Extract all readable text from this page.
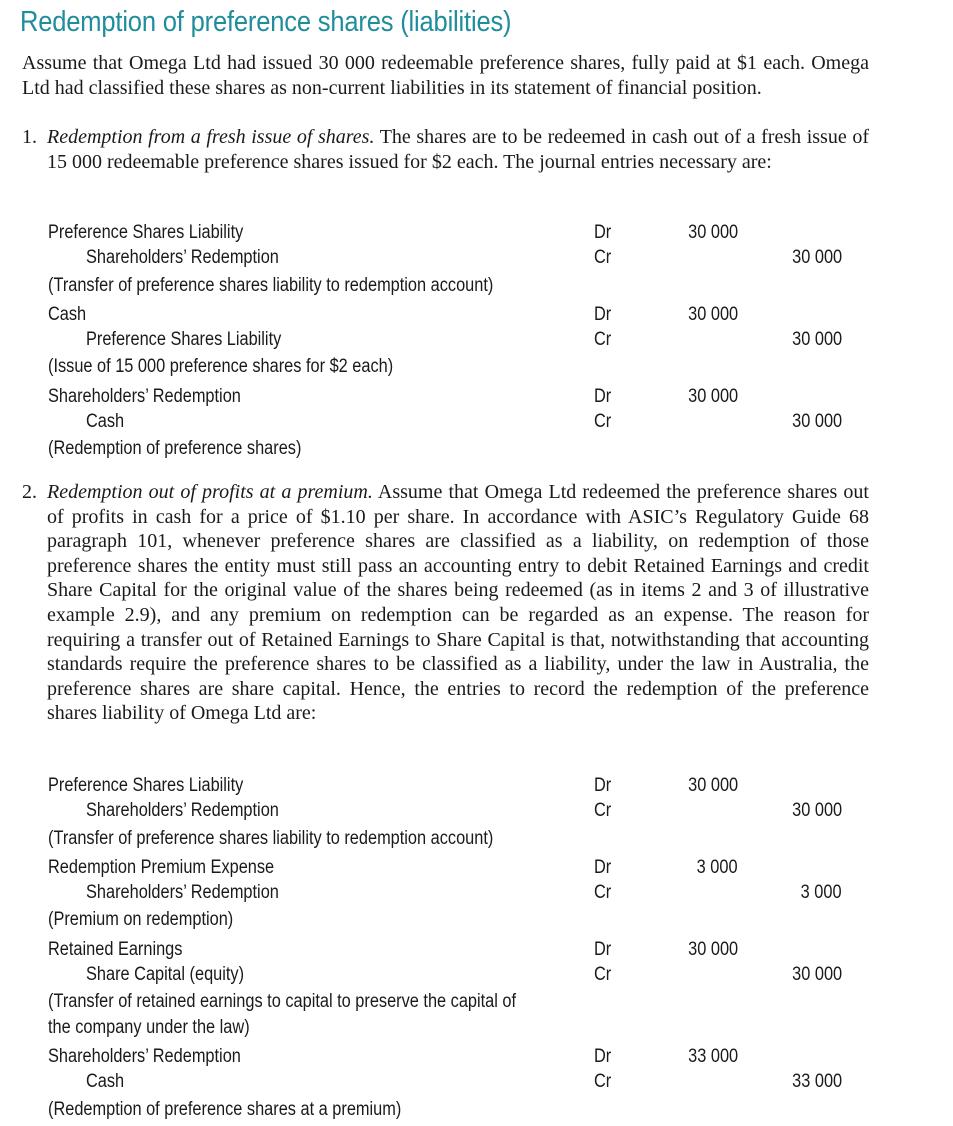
Redemption of preference shares (liabilities)
Assume that Omega Ltd had issued 30 000 redeemable preference shares, fully paid at $1 each. Omega Ltd had classified these shares as non-current liabilities in its statement of financial position.
1. Redemption from a fresh issue of shares. The shares are to be redeemed in cash out of a fresh issue of 15 000 redeemable preference shares issued for $2 each. The journal entries necessary are:
Preference Shares Liability	Dr	30 000
Shareholders’ Redemption	Cr	30 000
(Transfer of preference shares liability to redemption account)
Cash	Dr	30 000
Preference Shares Liability	Cr	30 000
(Issue of 15 000 preference shares for $2 each)
Shareholders’ Redemption	Dr	30 000
Cash	Cr	30 000
(Redemption of preference shares)
2. Redemption out of profits at a premium. Assume that Omega Ltd redeemed the preference shares out of profits in cash for a price of $1.10 per share. In accordance with ASIC’s Regulatory Guide 68 paragraph 101, whenever preference shares are classified as a liability, on redemption of those preference shares the entity must still pass an accounting entry to debit Retained Earnings and credit Share Capital for the original value of the shares being redeemed (as in items 2 and 3 of illustrative example 2.9), and any premium on redemption can be regarded as an expense. The reason for requiring a transfer out of Retained Earnings to Share Capital is that, notwithstanding that accounting standards require the preference shares to be classified as a liability, under the law in Australia, the preference shares are share capital. Hence, the entries to record the redemption of the preference shares liability of Omega Ltd are:
Preference Shares Liability	Dr	30 000
Shareholders’ Redemption	Cr	30 000
(Transfer of preference shares liability to redemption account)
Redemption Premium Expense	Dr	3 000
Shareholders’ Redemption	Cr	3 000
(Premium on redemption)
Retained Earnings	Dr	30 000
Share Capital (equity)	Cr	30 000
(Transfer of retained earnings to capital to preserve the capital of the company under the law)
Shareholders’ Redemption	Dr	33 000
Cash	Cr	33 000
(Redemption of preference shares at a premium)
